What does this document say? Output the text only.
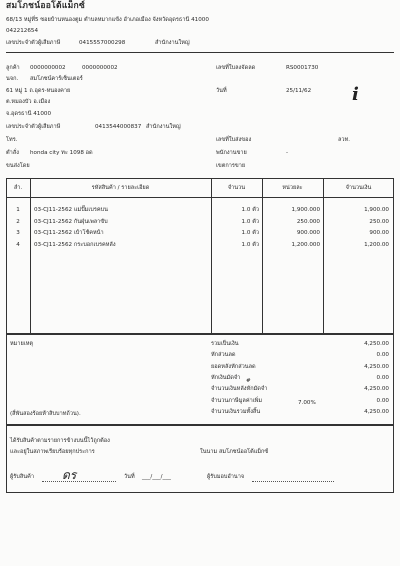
สมโภชน์ออโต้แม็กซ์
68/13 หมู่ที่5 ซอยบ้านหนองตูม ตำบลหมากแข้ง อำเภอเมือง จังหวัดอุดรธานี 41000
042212654
เลขประจำตัวผู้เสียภาษี	0415557000298	สำนักงานใหญ่
ลูกค้า 0000000002	0000000002
นจก. สมโภชน์คาร์เซ็นเตอร์
61 หมู่ 1 ถ.อุดร-หนองคาย
ต.หมองบัว อ.เมือง
จ.อุดรธานี 41000
เลขประจำตัวผู้เสียภาษี	0413544000837 สำนักงานใหญ่
โทร.
ตำสั่ง honda city ทะ 1098 อด
ขนส่งโดย
เลขที่ใบลงจัดลด	RS0001730
วันที่	25/11/62
เลขที่ใบส่งของ	ลวท.
พนักงานขาย	-
เขตการขาย
i
ลำ.	รหัสสินค้า / รายละเอียด	จำนวน	หน่วยละ	จำนวนเงิน
1	03-CJ11-2562 แม่ปั๊มเบรคบน	1.0 ตัว	1,900.000	1,900.00
2	03-CJ11-2562 กันฝุ่นเพลาขับ	1.0 ตัว	250.000	250.00
3	03-CJ11-2562 เบ้าโช้คหน้า	1.0 ตัว	900.000	900.00
4	03-CJ11-2562 กระบอกเบรคหลัง	1.0 ตัว	1,200.000	1,200.00
หมายเหตุ
(สี่พันสองร้อยห้าสิบบาทถ้วน).
#
7.00%
รวมเป็นเงิน	4,250.00
หักส่วนลด	0.00
ยอดหลังหักส่วนลด	4,250.00
หักเงินมัดจำ	0.00
จำนวนเงินหลังหักมัดจำ	4,250.00
จำนวนภาษีมูลค่าเพิ่ม	0.00
จำนวนเงินรวมทั้งสิ้น	4,250.00
ได้รับสินค้าตามรายการข้างบนนี้ไว้ถูกต้อง
และอยู่ในสภาพเรียบร้อยทุกประการ	ในนาม สมโภชน์ออโต้แม็กซ์
ผู้รับสินค้า ดร	วันที่ ___/___/___	ผู้รับมอบอำนาจ
